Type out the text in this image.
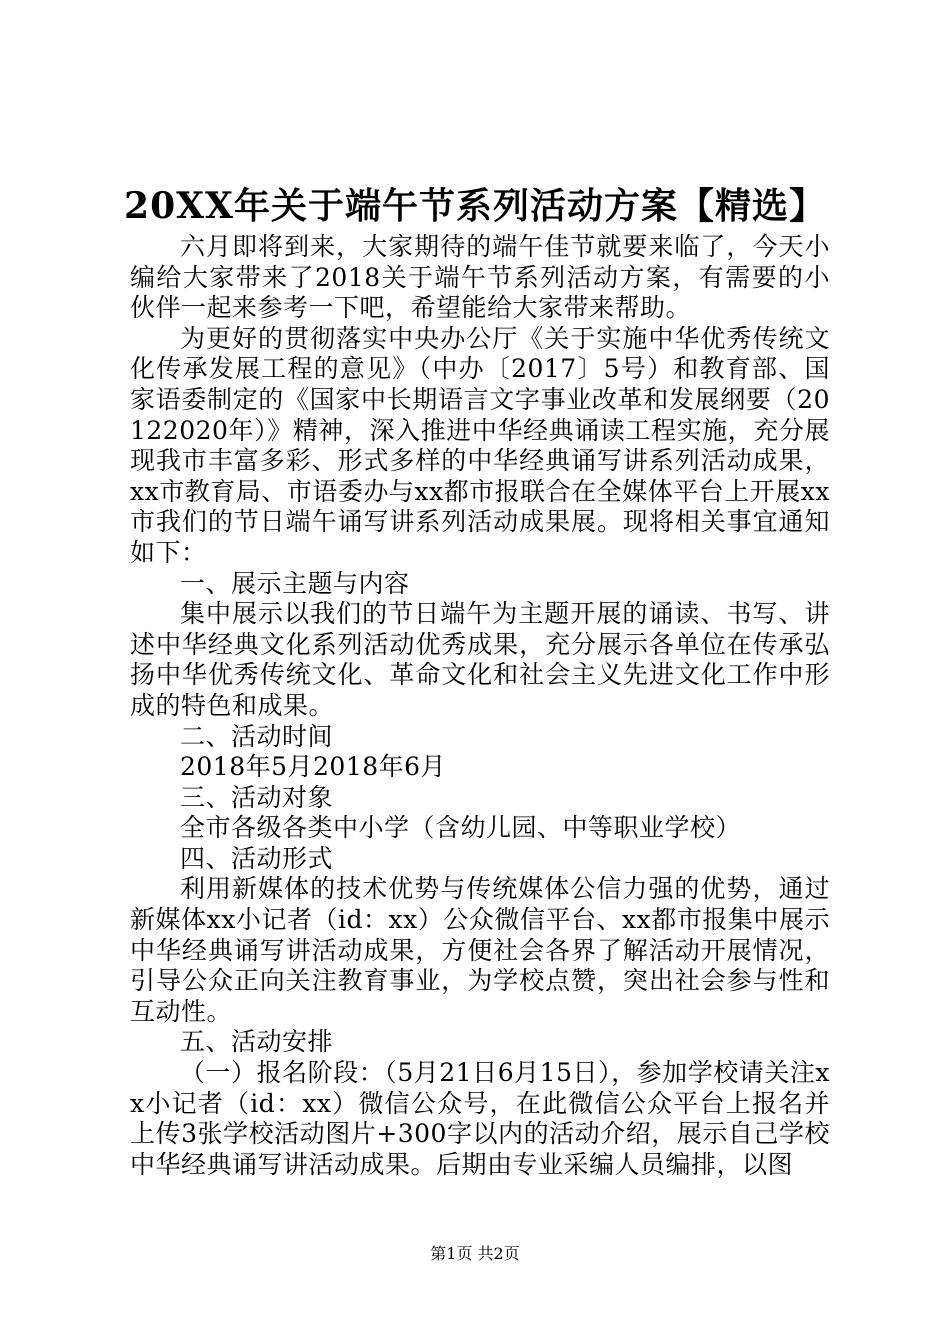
20XX年关于端午节系列活动方案【精选】

六月即将到来，大家期待的端午佳节就要来临了，今天小编给大家带来了2018关于端午节系列活动方案，有需要的小伙伴一起来参考一下吧，希望能给大家带来帮助。

为更好的贯彻落实中央办公厅《关于实施中华优秀传统文化传承发展工程的意见》（中办〔2017〕5号）和教育部、国家语委制定的《国家中长期语言文字事业改革和发展纲要（20122020年）》精神，深入推进中华经典诵读工程实施，充分展现我市丰富多彩、形式多样的中华经典诵写讲系列活动成果，xx市教育局、市语委办与xx都市报联合在全媒体平台上开展xx市我们的节日端午诵写讲系列活动成果展。现将相关事宜通知如下：

一、展示主题与内容

集中展示以我们的节日端午为主题开展的诵读、书写、讲述中华经典文化系列活动优秀成果，充分展示各单位在传承弘扬中华优秀传统文化、革命文化和社会主义先进文化工作中形成的特色和成果。

二、活动时间

2018年5月2018年6月

三、活动对象

全市各级各类中小学（含幼儿园、中等职业学校）

四、活动形式

利用新媒体的技术优势与传统媒体公信力强的优势，通过新媒体xx小记者（id：xx）公众微信平台、xx都市报集中展示中华经典诵写讲活动成果，方便社会各界了解活动开展情况，引导公众正向关注教育事业，为学校点赞，突出社会参与性和互动性。

五、活动安排

（一）报名阶段：（5月21日6月15日），参加学校请关注xx小记者（id：xx）微信公众号，在此微信公众平台上报名并上传3张学校活动图片+300字以内的活动介绍，展示自己学校中华经典诵写讲活动成果。后期由专业采编人员编排，以图

第1页 共2页
